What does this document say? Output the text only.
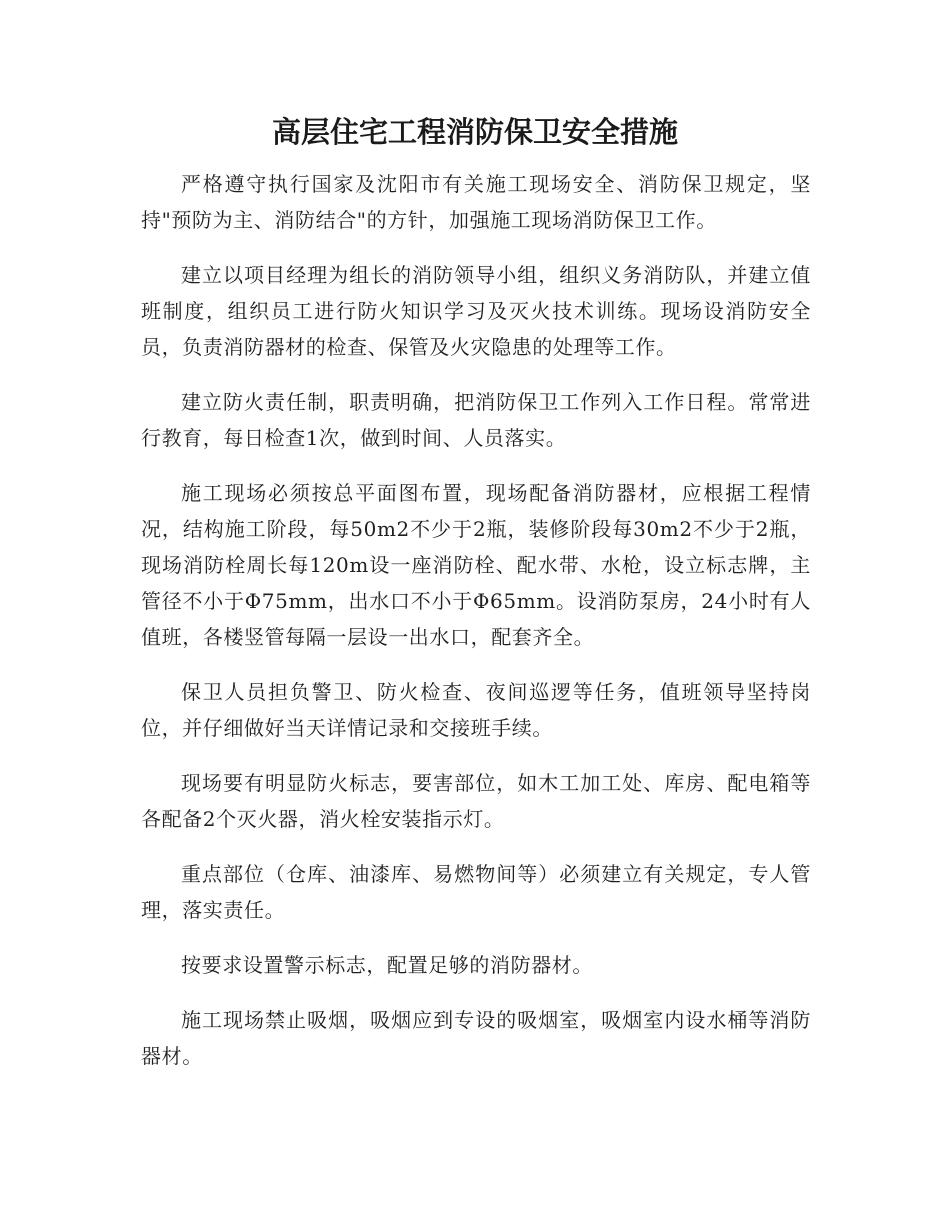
高层住宅工程消防保卫安全措施

严格遵守执行国家及沈阳市有关施工现场安全、消防保卫规定，坚持"预防为主、消防结合"的方针，加强施工现场消防保卫工作。

建立以项目经理为组长的消防领导小组，组织义务消防队，并建立值班制度，组织员工进行防火知识学习及灭火技术训练。现场设消防安全员，负责消防器材的检查、保管及火灾隐患的处理等工作。

建立防火责任制，职责明确，把消防保卫工作列入工作日程。常常进行教育，每日检查1次，做到时间、人员落实。

施工现场必须按总平面图布置，现场配备消防器材，应根据工程情况，结构施工阶段，每50m2不少于2瓶，装修阶段每30m2不少于2瓶，现场消防栓周长每120m设一座消防栓、配水带、水枪，设立标志牌，主管径不小于Φ75mm，出水口不小于Φ65mm。设消防泵房，24小时有人值班，各楼竖管每隔一层设一出水口，配套齐全。

保卫人员担负警卫、防火检查、夜间巡逻等任务，值班领导坚持岗位，并仔细做好当天详情记录和交接班手续。

现场要有明显防火标志，要害部位，如木工加工处、库房、配电箱等各配备2个灭火器，消火栓安装指示灯。

重点部位（仓库、油漆库、易燃物间等）必须建立有关规定，专人管理，落实责任。

按要求设置警示标志，配置足够的消防器材。

施工现场禁止吸烟，吸烟应到专设的吸烟室，吸烟室内设水桶等消防器材。
